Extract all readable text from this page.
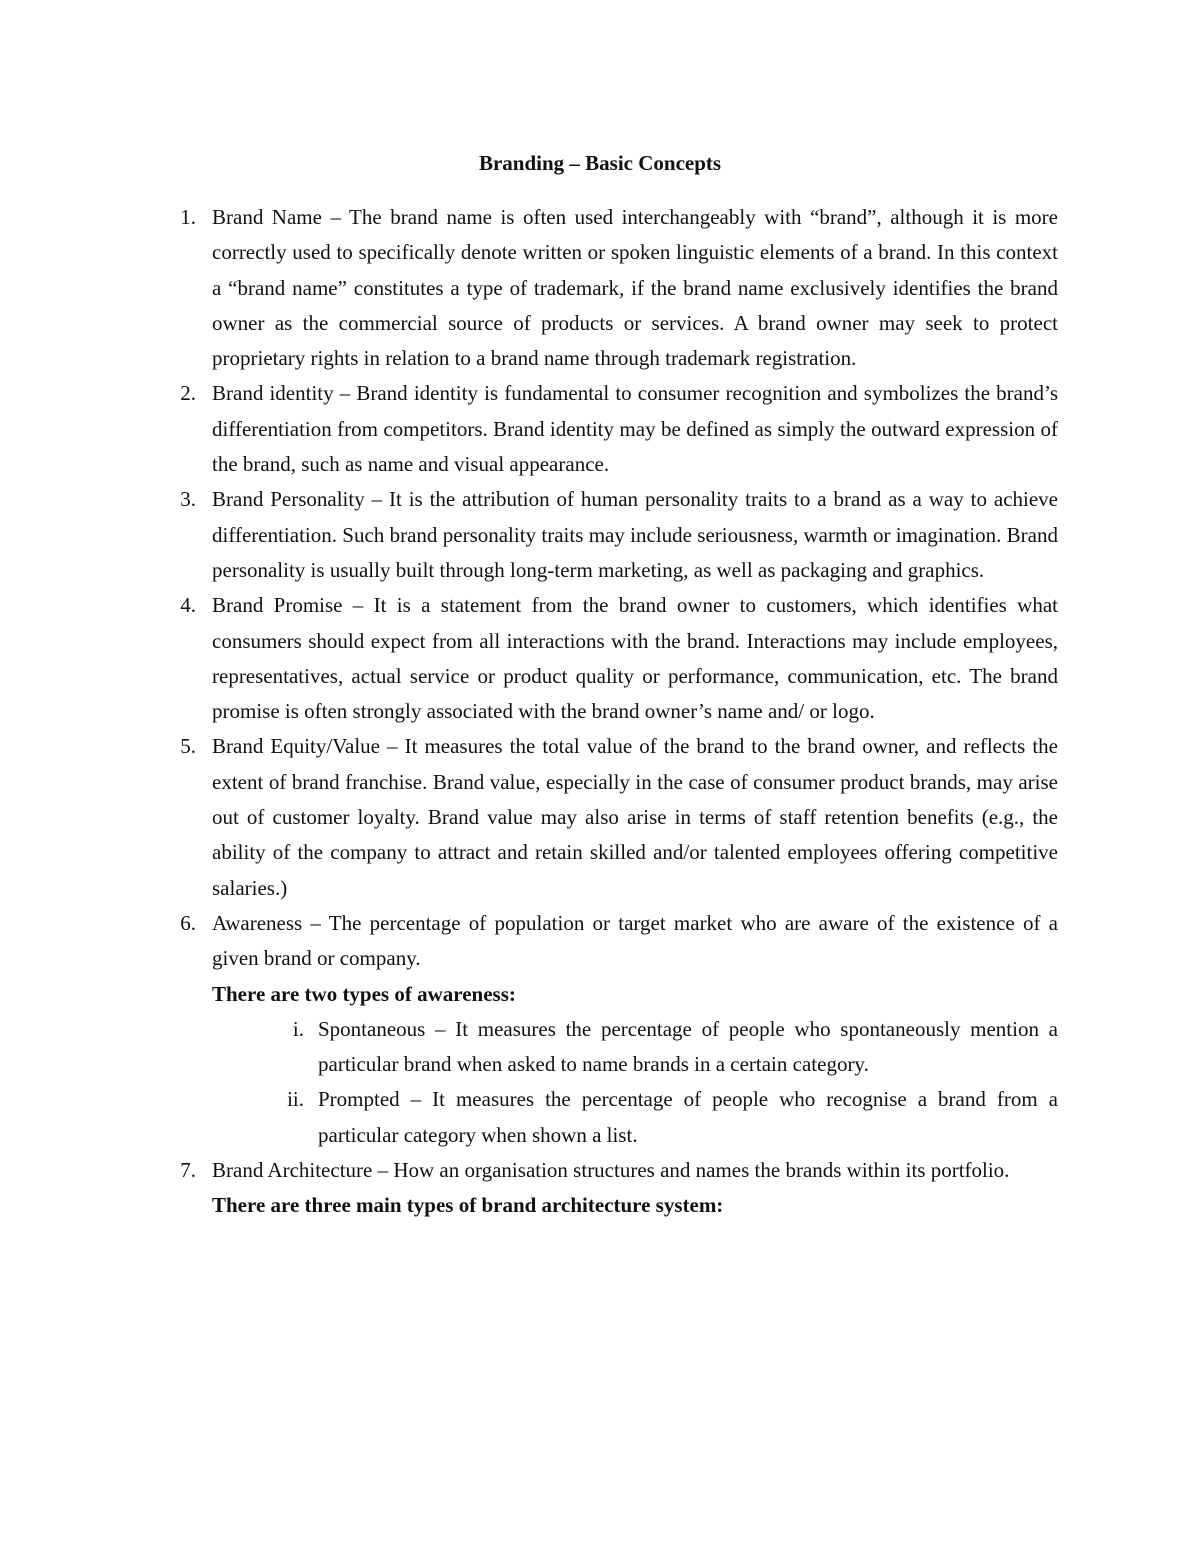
Branding – Basic Concepts
1. Brand Name – The brand name is often used interchangeably with “brand”, although it is more correctly used to specifically denote written or spoken linguistic elements of a brand. In this context a “brand name” constitutes a type of trademark, if the brand name exclusively identifies the brand owner as the commercial source of products or services. A brand owner may seek to protect proprietary rights in relation to a brand name through trademark registration.
2. Brand identity – Brand identity is fundamental to consumer recognition and symbolizes the brand’s differentiation from competitors. Brand identity may be defined as simply the outward expression of the brand, such as name and visual appearance.
3. Brand Personality – It is the attribution of human personality traits to a brand as a way to achieve differentiation. Such brand personality traits may include seriousness, warmth or imagination. Brand personality is usually built through long-term marketing, as well as packaging and graphics.
4. Brand Promise – It is a statement from the brand owner to customers, which identifies what consumers should expect from all interactions with the brand. Interactions may include employees, representatives, actual service or product quality or performance, communication, etc. The brand promise is often strongly associated with the brand owner’s name and/ or logo.
5. Brand Equity/Value – It measures the total value of the brand to the brand owner, and reflects the extent of brand franchise. Brand value, especially in the case of consumer product brands, may arise out of customer loyalty. Brand value may also arise in terms of staff retention benefits (e.g., the ability of the company to attract and retain skilled and/or talented employees offering competitive salaries.)
6. Awareness – The percentage of population or target market who are aware of the existence of a given brand or company.
There are two types of awareness:
i. Spontaneous – It measures the percentage of people who spontaneously mention a particular brand when asked to name brands in a certain category.
ii. Prompted – It measures the percentage of people who recognise a brand from a particular category when shown a list.
7. Brand Architecture – How an organisation structures and names the brands within its portfolio.
There are three main types of brand architecture system:
